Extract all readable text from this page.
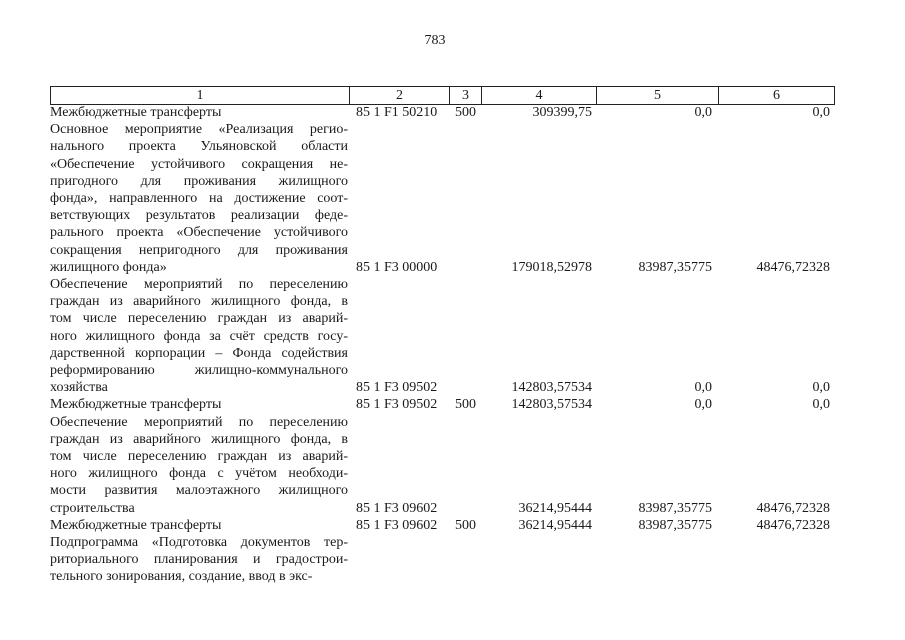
783
1	2	3	4	5	6
Межбюджетные трансферты	85 1 F1 50210 500	309399,75	0,0	0,0
Основное мероприятие «Реализация регио-
нального проекта Ульяновской области
«Обеспечение устойчивого сокращения не-
пригодного для проживания жилищного
фонда», направленного на достижение соот-
ветствующих результатов реализации феде-
рального проекта «Обеспечение устойчивого
сокращения непригодного для проживания
жилищного фонда»	85 1 F3 00000	179018,52978	83987,35775	48476,72328
Обеспечение мероприятий по переселению
граждан из аварийного жилищного фонда, в
том числе переселению граждан из аварий-
ного жилищного фонда за счёт средств госу-
дарственной корпорации – Фонда содействия
реформированию жилищно-коммунального
хозяйства	85 1 F3 09502	142803,57534	0,0	0,0
Межбюджетные трансферты	85 1 F3 09502 500	142803,57534	0,0	0,0
Обеспечение мероприятий по переселению
граждан из аварийного жилищного фонда, в
том числе переселению граждан из аварий-
ного жилищного фонда с учётом необходи-
мости развития малоэтажного жилищного
строительства	85 1 F3 09602	36214,95444	83987,35775	48476,72328
Межбюджетные трансферты	85 1 F3 09602 500	36214,95444	83987,35775	48476,72328
Подпрограмма «Подготовка документов тер-
риториального планирования и градострои-
тельного зонирования, создание, ввод в экс-
